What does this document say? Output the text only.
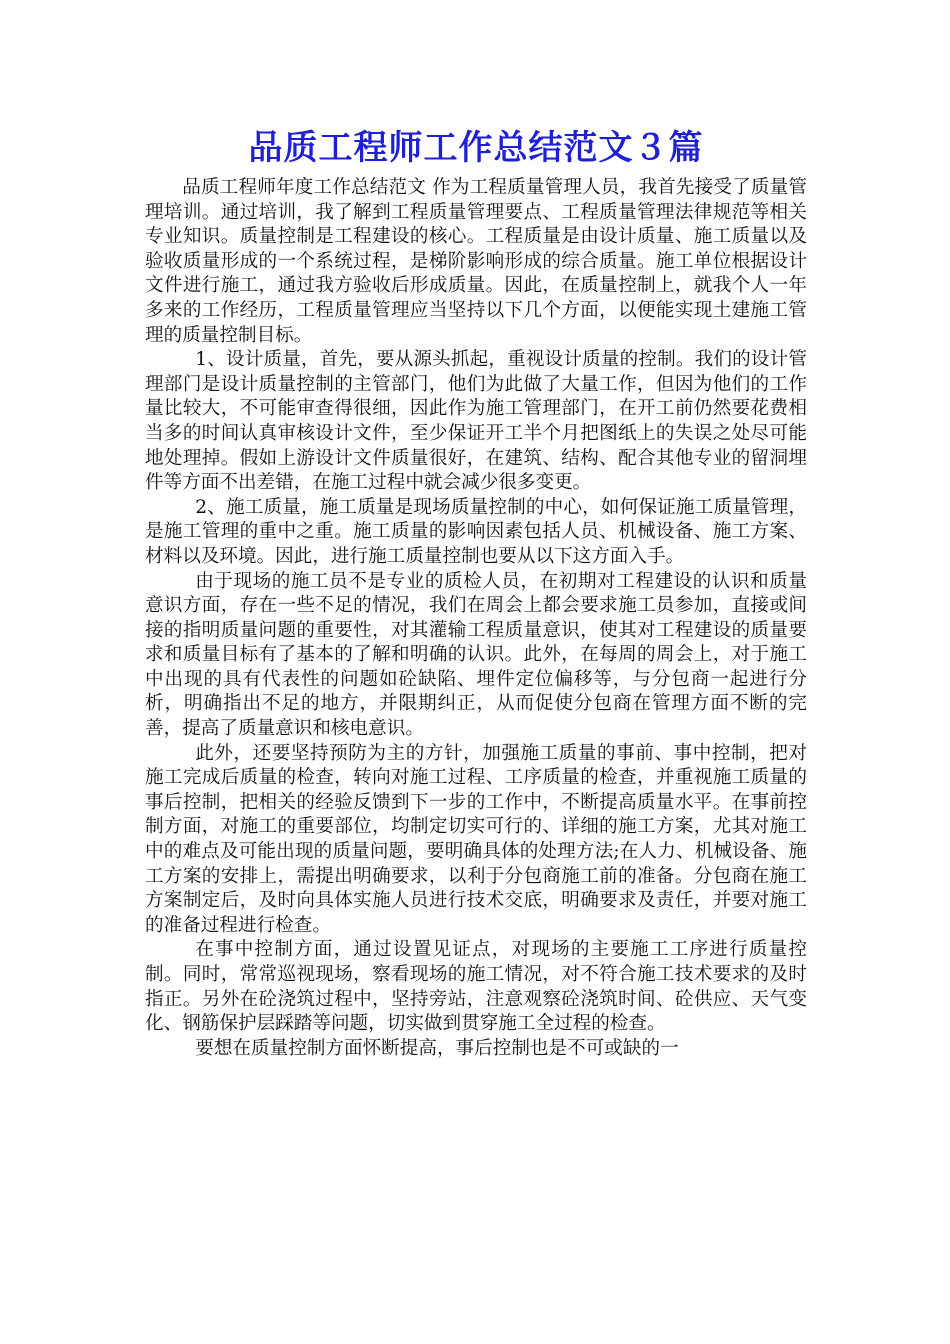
品质工程师工作总结范文３篇

品质工程师年度工作总结范文 作为工程质量管理人员，我首先接受了质量管理培训。通过培训，我了解到工程质量管理要点、工程质量管理法律规范等相关专业知识。质量控制是工程建设的核心。工程质量是由设计质量、施工质量以及验收质量形成的一个系统过程，是梯阶影响形成的综合质量。施工单位根据设计文件进行施工，通过我方验收后形成质量。因此，在质量控制上，就我个人一年多来的工作经历，工程质量管理应当坚持以下几个方面，以便能实现土建施工管理的质量控制目标。

1、设计质量，首先，要从源头抓起，重视设计质量的控制。我们的设计管理部门是设计质量控制的主管部门，他们为此做了大量工作，但因为他们的工作量比较大，不可能审查得很细，因此作为施工管理部门，在开工前仍然要花费相当多的时间认真审核设计文件，至少保证开工半个月把图纸上的失误之处尽可能地处理掉。假如上游设计文件质量很好，在建筑、结构、配合其他专业的留洞埋件等方面不出差错，在施工过程中就会减少很多变更。

2、施工质量，施工质量是现场质量控制的中心，如何保证施工质量管理，是施工管理的重中之重。施工质量的影响因素包括人员、机械设备、施工方案、材料以及环境。因此，进行施工质量控制也要从以下这方面入手。

由于现场的施工员不是专业的质检人员，在初期对工程建设的认识和质量意识方面，存在一些不足的情况，我们在周会上都会要求施工员参加，直接或间接的指明质量问题的重要性，对其灌输工程质量意识，使其对工程建设的质量要求和质量目标有了基本的了解和明确的认识。此外，在每周的周会上，对于施工中出现的具有代表性的问题如砼缺陷、埋件定位偏移等，与分包商一起进行分析，明确指出不足的地方，并限期纠正，从而促使分包商在管理方面不断的完善，提高了质量意识和核电意识。

此外，还要坚持预防为主的方针，加强施工质量的事前、事中控制，把对施工完成后质量的检查，转向对施工过程、工序质量的检查，并重视施工质量的事后控制，把相关的经验反馈到下一步的工作中，不断提高质量水平。在事前控制方面，对施工的重要部位，均制定切实可行的、详细的施工方案，尤其对施工中的难点及可能出现的质量问题，要明确具体的处理方法;在人力、机械设备、施工方案的安排上，需提出明确要求，以利于分包商施工前的准备。分包商在施工方案制定后，及时向具体实施人员进行技术交底，明确要求及责任，并要对施工的准备过程进行检查。

在事中控制方面，通过设置见证点，对现场的主要施工工序进行质量控制。同时，常常巡视现场，察看现场的施工情况，对不符合施工技术要求的及时指正。另外在砼浇筑过程中，坚持旁站，注意观察砼浇筑时间、砼供应、天气变化、钢筋保护层踩踏等问题，切实做到贯穿施工全过程的检查。

要想在质量控制方面怀断提高，事后控制也是不可或缺的一
